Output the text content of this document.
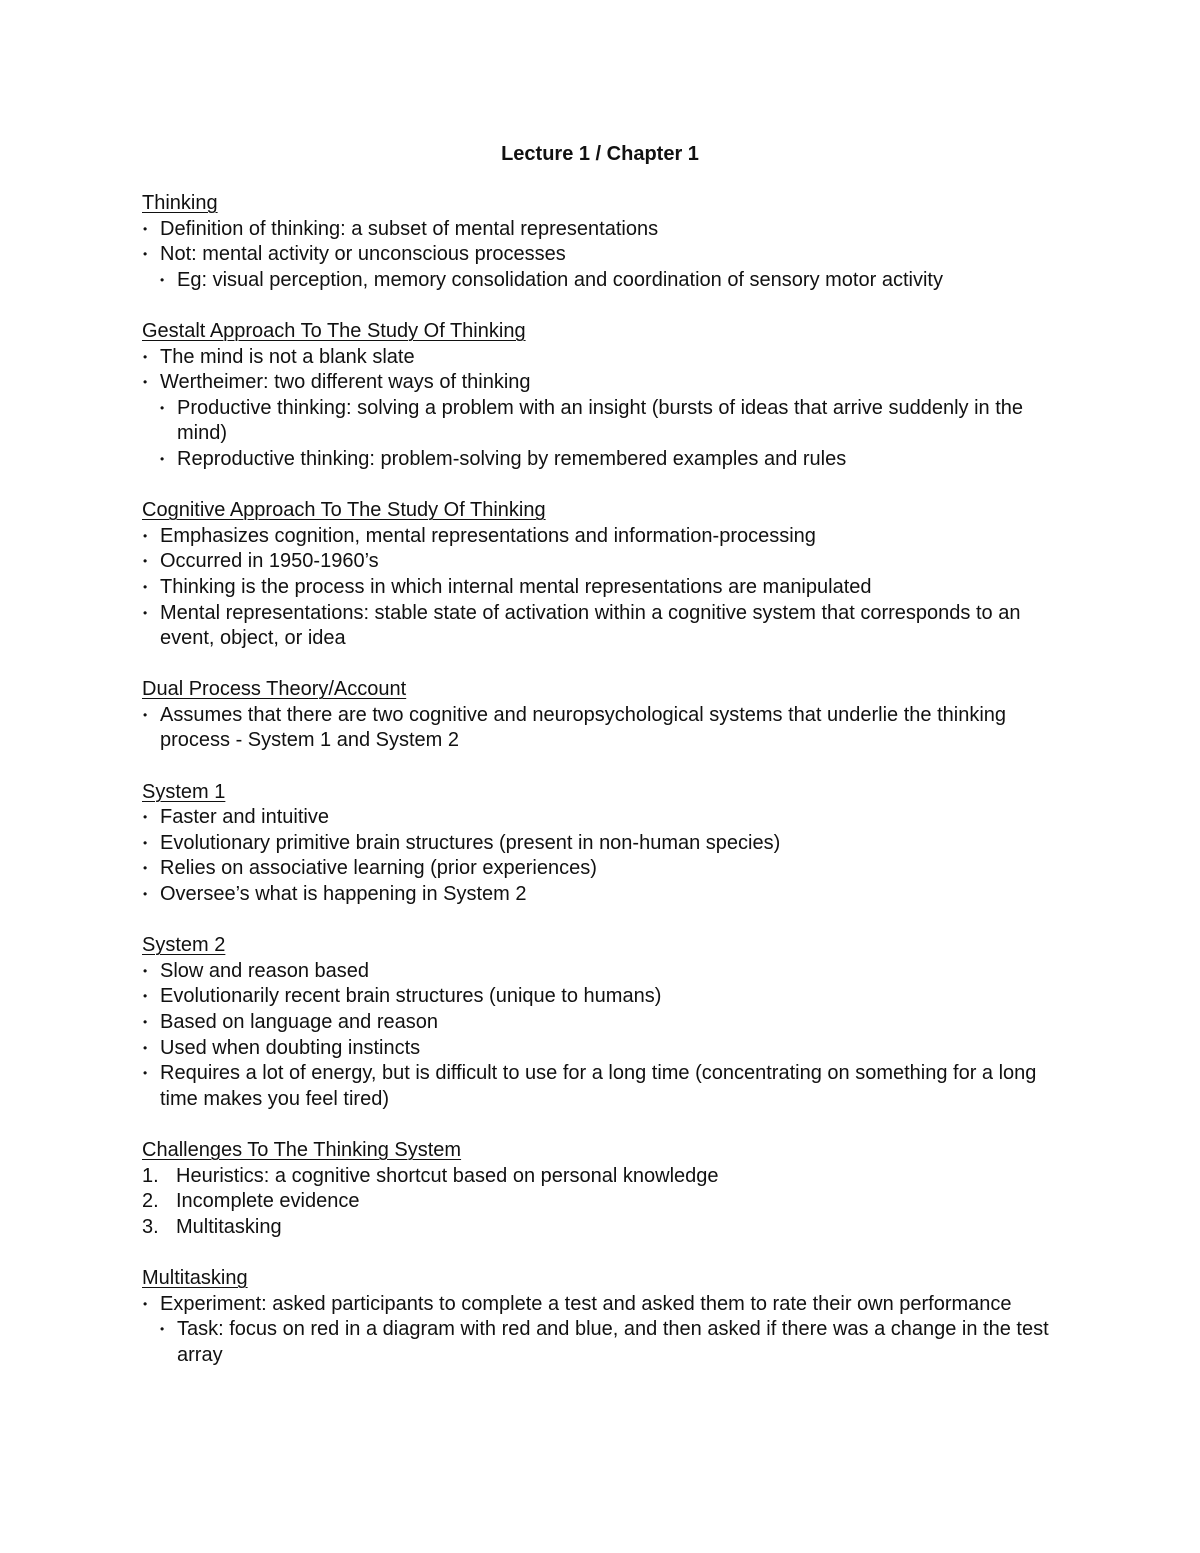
Lecture 1 / Chapter 1
Thinking
• Definition of thinking: a subset of mental representations
• Not: mental activity or unconscious processes
• Eg: visual perception, memory consolidation and coordination of sensory motor activity
Gestalt Approach To The Study Of Thinking
• The mind is not a blank slate
• Wertheimer: two different ways of thinking
• Productive thinking: solving a problem with an insight (bursts of ideas that arrive suddenly in the mind)
• Reproductive thinking: problem-solving by remembered examples and rules
Cognitive Approach To The Study Of Thinking
• Emphasizes cognition, mental representations and information-processing
• Occurred in 1950-1960’s
• Thinking is the process in which internal mental representations are manipulated
• Mental representations: stable state of activation within a cognitive system that corresponds to an event, object, or idea
Dual Process Theory/Account
• Assumes that there are two cognitive and neuropsychological systems that underlie the thinking process - System 1 and System 2
System 1
• Faster and intuitive
• Evolutionary primitive brain structures (present in non-human species)
• Relies on associative learning (prior experiences)
• Oversee’s what is happening in System 2
System 2
• Slow and reason based
• Evolutionarily recent brain structures (unique to humans)
• Based on language and reason
• Used when doubting instincts
• Requires a lot of energy, but is difficult to use for a long time (concentrating on something for a long time makes you feel tired)
Challenges To The Thinking System
1. Heuristics: a cognitive shortcut based on personal knowledge
2. Incomplete evidence
3. Multitasking
Multitasking
• Experiment: asked participants to complete a test and asked them to rate their own performance
• Task: focus on red in a diagram with red and blue, and then asked if there was a change in the test array
